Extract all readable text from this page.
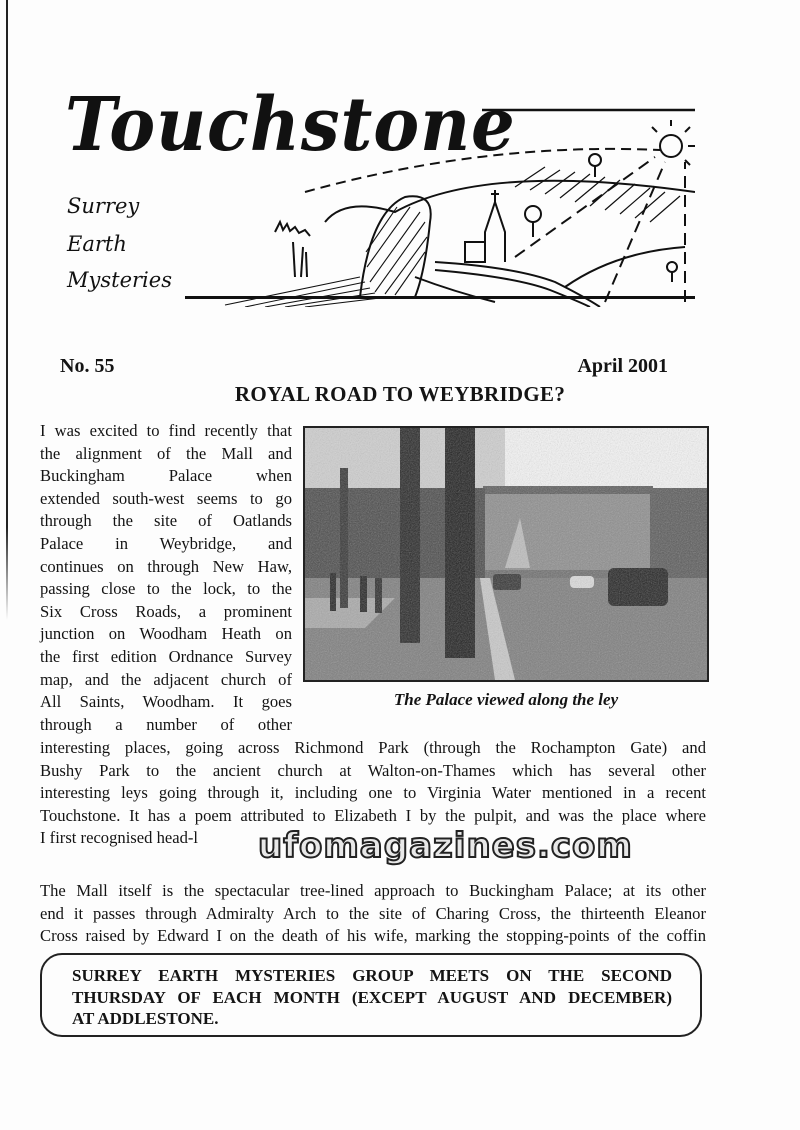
Touchstone
Surrey
Earth
Mysteries
No. 55	April 2001
ROYAL ROAD TO WEYBRIDGE?
I was excited to find recently that
the alignment of the Mall and
Buckingham Palace when
extended south-west seems to go
through the site of Oatlands
Palace in Weybridge, and
continues on through New Haw,
passing close to the lock, to the
Six Cross Roads, a prominent
junction on Woodham Heath on
the first edition Ordnance Survey
map, and the adjacent church of
All Saints, Woodham. It goes
through a number of other
The Palace viewed along the ley
interesting places, going across Richmond Park (through the Rochampton Gate) and
Bushy Park to the ancient church at Walton-on-Thames which has several other
interesting leys going through it, including one to Virginia Water mentioned in a recent
Touchstone. It has a poem attributed to Elizabeth I by the pulpit, and was the place where
I first recognised head-l	ufomagazines.com
The Mall itself is the spectacular tree-lined approach to Buckingham Palace; at its other
end it passes through Admiralty Arch to the site of Charing Cross, the thirteenth Eleanor
Cross raised by Edward I on the death of his wife, marking the stopping-points of the coffin
SURREY EARTH MYSTERIES GROUP MEETS ON THE SECOND
THURSDAY OF EACH MONTH (EXCEPT AUGUST AND DECEMBER)
AT ADDLESTONE.
